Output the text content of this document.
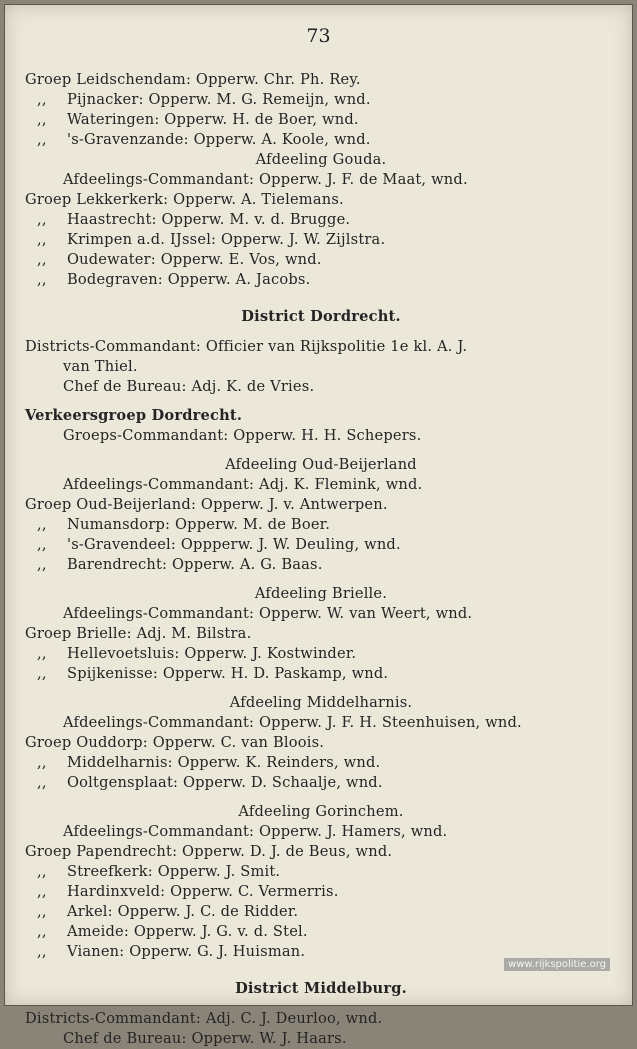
73
Groep Leidschendam: Opperw. Chr. Ph. Rey.
,, Pijnacker: Opperw. M. G. Remeijn, wnd.
,, Wateringen: Opperw. H. de Boer, wnd.
,, 's-Gravenzande: Opperw. A. Koole, wnd.
Afdeeling Gouda.
Afdeelings-Commandant: Opperw. J. F. de Maat, wnd.
Groep Lekkerkerk: Opperw. A. Tielemans.
,, Haastrecht: Opperw. M. v. d. Brugge.
,, Krimpen a.d. IJssel: Opperw. J. W. Zijlstra.
,, Oudewater: Opperw. E. Vos, wnd.
,, Bodegraven: Opperw. A. Jacobs.
District Dordrecht.
Districts-Commandant: Officier van Rijkspolitie 1e kl. A. J.
van Thiel.
Chef de Bureau: Adj. K. de Vries.
Verkeersgroep Dordrecht.
Groeps-Commandant: Opperw. H. H. Schepers.
Afdeeling Oud-Beijerland
Afdeelings-Commandant: Adj. K. Flemink, wnd.
Groep Oud-Beijerland: Opperw. J. v. Antwerpen.
,, Numansdorp: Opperw. M. de Boer.
,, 's-Gravendeel: Oppperw. J. W. Deuling, wnd.
,, Barendrecht: Opperw. A. G. Baas.
Afdeeling Brielle.
Afdeelings-Commandant: Opperw. W. van Weert, wnd.
Groep Brielle: Adj. M. Bilstra.
,, Hellevoetsluis: Opperw. J. Kostwinder.
,, Spijkenisse: Opperw. H. D. Paskamp, wnd.
Afdeeling Middelharnis.
Afdeelings-Commandant: Opperw. J. F. H. Steenhuisen, wnd.
Groep Ouddorp: Opperw. C. van Bloois.
,, Middelharnis: Opperw. K. Reinders, wnd.
,, Ooltgensplaat: Opperw. D. Schaalje, wnd.
Afdeeling Gorinchem.
Afdeelings-Commandant: Opperw. J. Hamers, wnd.
Groep Papendrecht: Opperw. D. J. de Beus, wnd.
,, Streefkerk: Opperw. J. Smit.
,, Hardinxveld: Opperw. C. Vermerris.
,, Arkel: Opperw. J. C. de Ridder.
,, Ameide: Opperw. J. G. v. d. Stel.
,, Vianen: Opperw. G. J. Huisman.
District Middelburg.
Districts-Commandant: Adj. C. J. Deurloo, wnd.
Chef de Bureau: Opperw. W. J. Haars.
www.rijkspolitie.org
